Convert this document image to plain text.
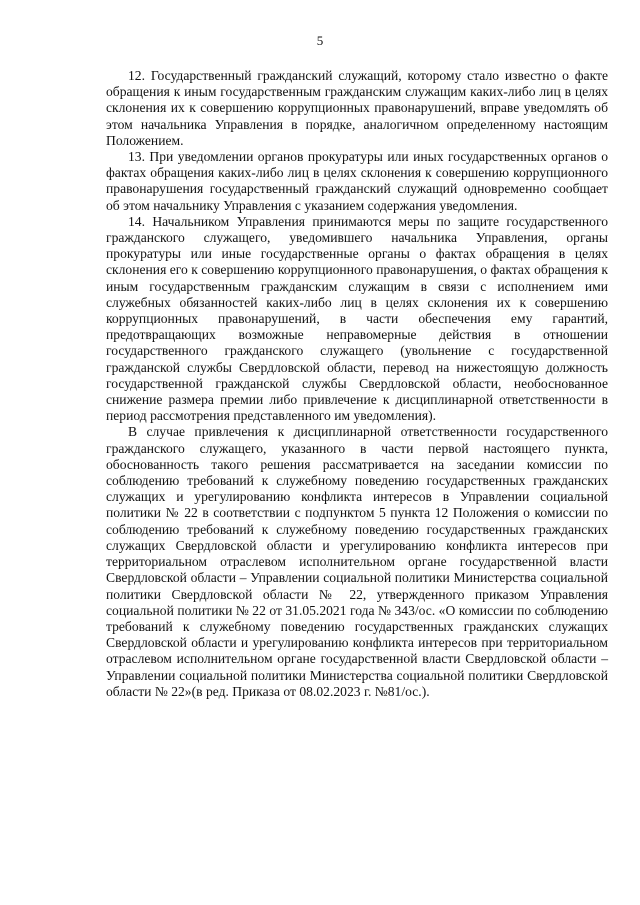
5

12. Государственный гражданский служащий, которому стало известно о факте обращения к иным государственным гражданским служащим каких-либо лиц в целях склонения их к совершению коррупционных правонарушений, вправе уведомлять об этом начальника Управления в порядке, аналогичном определенному настоящим Положением.

13. При уведомлении органов прокуратуры или иных государственных органов о фактах обращения каких-либо лиц в целях склонения к совершению коррупционного правонарушения государственный гражданский служащий одновременно сообщает об этом начальнику Управления с указанием содержания уведомления.

14. Начальником Управления принимаются меры по защите государственного гражданского служащего, уведомившего начальника Управления, органы прокуратуры или иные государственные органы о фактах обращения в целях склонения его к совершению коррупционного правонарушения, о фактах обращения к иным государственным гражданским служащим в связи с исполнением ими служебных обязанностей каких-либо лиц в целях склонения их к совершению коррупционных правонарушений, в части обеспечения ему гарантий, предотвращающих возможные неправомерные действия в отношении государственного гражданского служащего (увольнение с государственной гражданской службы Свердловской области, перевод на нижестоящую должность государственной гражданской службы Свердловской области, необоснованное снижение размера премии либо привлечение к дисциплинарной ответственности в период рассмотрения представленного им уведомления).

В случае привлечения к дисциплинарной ответственности государственного гражданского служащего, указанного в части первой настоящего пункта, обоснованность такого решения рассматривается на заседании комиссии по соблюдению требований к служебному поведению государственных гражданских служащих и урегулированию конфликта интересов в Управлении социальной политики № 22 в соответствии с подпунктом 5 пункта 12 Положения о комиссии по соблюдению требований к служебному поведению государственных гражданских служащих Свердловской области и урегулированию конфликта интересов при территориальном отраслевом исполнительном органе государственной власти Свердловской области – Управлении социальной политики Министерства социальной политики Свердловской области № 22, утвержденного приказом Управления социальной политики № 22 от 31.05.2021 года № 343/ос. «О комиссии по соблюдению требований к служебному поведению государственных гражданских служащих Свердловской области и урегулированию конфликта интересов при территориальном отраслевом исполнительном органе государственной власти Свердловской области – Управлении социальной политики Министерства социальной политики Свердловской области № 22»(в ред. Приказа от 08.02.2023 г. №81/ос.).
